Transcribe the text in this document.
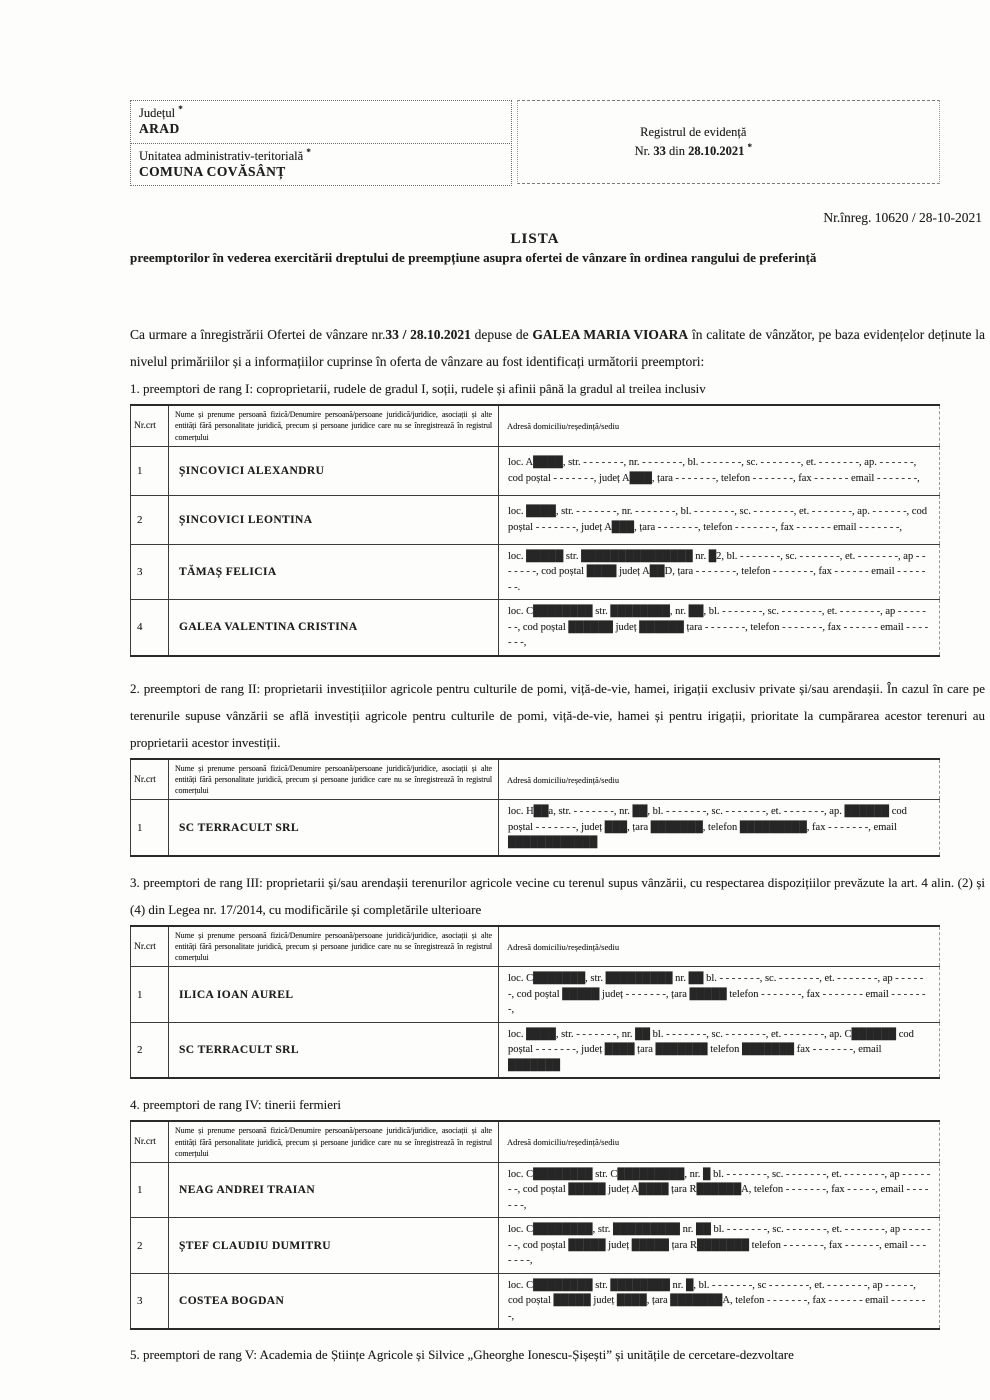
Județul *
ARAD
Unitatea administrativ-teritorială *
COMUNA COVĂSÂNȚ
Registrul de evidență
Nr. 33 din 28.10.2021 *
Nr.înreg. 10620 / 28-10-2021
LISTA
preemptorilor în vederea exercitării dreptului de preempțiune asupra ofertei de vânzare în ordinea rangului de preferință

Ca urmare a înregistrării Ofertei de vânzare nr.33 / 28.10.2021 depuse de GALEA MARIA VIOARA în calitate de vânzător, pe baza evidențelor deținute la nivelul primăriilor și a informațiilor cuprinse în oferta de vânzare au fost identificați următorii preemptori:

1. preemptori de rang I: coproprietarii, rudele de gradul I, soții, rudele și afinii până la gradul al treilea inclusiv

Nr.crt	Nume și prenume persoană fizică/Denumire persoană/persoane juridică/juridice, asociații și alte entități fără personalitate juridică, precum și persoane juridice care nu se înregistrează în registrul comerțului	Adresă domiciliu/reședință/sediu
1	ȘINCOVICI ALEXANDRU	loc. A████, str. - - - - - - -, nr. - - - - - - -, bl. - - - - - - -, sc. - - - - - - -, et. - - - - - - -, ap. - - - - - -, cod poștal - - - - - - -, județ A███, țara - - - - - - -, telefon - - - - - - -, fax - - - - - - email - - - - - - -,
2	ȘINCOVICI LEONTINA	loc. ████, str. - - - - - - -, nr. - - - - - - -, bl. - - - - - - -, sc. - - - - - - -, et. - - - - - - -, ap. - - - - - -, cod poștal - - - - - - -, județ A███, țara - - - - - - -, telefon - - - - - - -, fax - - - - - - email - - - - - - -,
3	TĂMAȘ FELICIA	loc. █████ str. ███████████████ nr. █2, bl. - - - - - - -, sc. - - - - - - -, et. - - - - - - -, ap - - - - - - -, cod poștal ████ județ A██D, țara - - - - - - -, telefon - - - - - - -, fax - - - - - - email - - - - - - -.
4	GALEA VALENTINA CRISTINA	loc. C████████ str. ████████, nr. ██, bl. - - - - - - -, sc. - - - - - - -, et. - - - - - - -, ap - - - - - - -, cod poștal ██████ județ ██████ țara - - - - - - -, telefon - - - - - - -, fax - - - - - - email - - - - - - -,

2. preemptori de rang II: proprietarii investițiilor agricole pentru culturile de pomi, viță-de-vie, hamei, irigații exclusiv private și/sau arendașii. În cazul în care pe terenurile supuse vânzării se află investiții agricole pentru culturile de pomi, viță-de-vie, hamei și pentru irigații, prioritate la cumpărarea acestor terenuri au proprietarii acestor investiții.

Nr.crt	Nume și prenume persoană fizică/Denumire persoană/persoane juridică/juridice, asociații și alte entități fără personalitate juridică, precum și persoane juridice care nu se înregistrează în registrul comerțului	Adresă domiciliu/reședință/sediu
1	SC TERRACULT SRL	loc. H██a, str. - - - - - - -, nr. ██, bl. - - - - - - -, sc. - - - - - - -, et. - - - - - - -, ap. ██████ cod poștal - - - - - - -, județ ███, țara ███████, telefon █████████, fax - - - - - - -, email ████████████

3. preemptori de rang III: proprietarii și/sau arendașii terenurilor agricole vecine cu terenul supus vânzării, cu respectarea dispozițiilor prevăzute la art. 4 alin. (2) și (4) din Legea nr. 17/2014, cu modificările și completările ulterioare

Nr.crt	Nume și prenume persoană fizică/Denumire persoană/persoane juridică/juridice, asociații și alte entități fără personalitate juridică, precum și persoane juridice care nu se înregistrează în registrul comerțului	Adresă domiciliu/reședință/sediu
1	ILICA IOAN AUREL	loc. C███████, str. █████████ nr. ██ bl. - - - - - - -, sc. - - - - - - -, et. - - - - - - -, ap - - - - - -, cod poștal █████ județ - - - - - - -, țara █████ telefon - - - - - - -, fax - - - - - - - email - - - - - - -,
2	SC TERRACULT SRL	loc. ████, str. - - - - - - -, nr. ██ bl. - - - - - - -, sc. - - - - - - -, et. - - - - - - -, ap. C██████ cod poștal - - - - - - -, județ ████ țara ███████ telefon ███████ fax - - - - - - -, email ███████

4. preemptori de rang IV: tinerii fermieri

Nr.crt	Nume și prenume persoană fizică/Denumire persoană/persoane juridică/juridice, asociații și alte entități fără personalitate juridică, precum și persoane juridice care nu se înregistrează în registrul comerțului	Adresă domiciliu/reședință/sediu
1	NEAG ANDREI TRAIAN	loc. C████████ str. C█████████, nr. █ bl. - - - - - - -, sc. - - - - - - -, et. - - - - - - -, ap - - - - - - -, cod poștal █████ județ A████ țara R██████A, telefon - - - - - - -, fax - - - - -, email - - - - - - -,
2	ȘTEF CLAUDIU DUMITRU	loc. C████████, str. █████████ nr. ██ bl. - - - - - - -, sc. - - - - - - -, et. - - - - - - -, ap - - - - - - -, cod poștal █████ județ █████ țara R███████ telefon - - - - - - -, fax - - - - - -, email - - - - - - -,
3	COSTEA BOGDAN	loc. C████████ str. ████████ nr. █, bl. - - - - - - -, sc - - - - - - -, et. - - - - - - -, ap - - - - -, cod poștal █████ județ ████, țara ███████A, telefon - - - - - - -, fax - - - - - - email - - - - - - -,

5. preemptori de rang V: Academia de Științe Agricole și Silvice „Gheorghe Ionescu-Șișești” și unitățile de cercetare-dezvoltare
